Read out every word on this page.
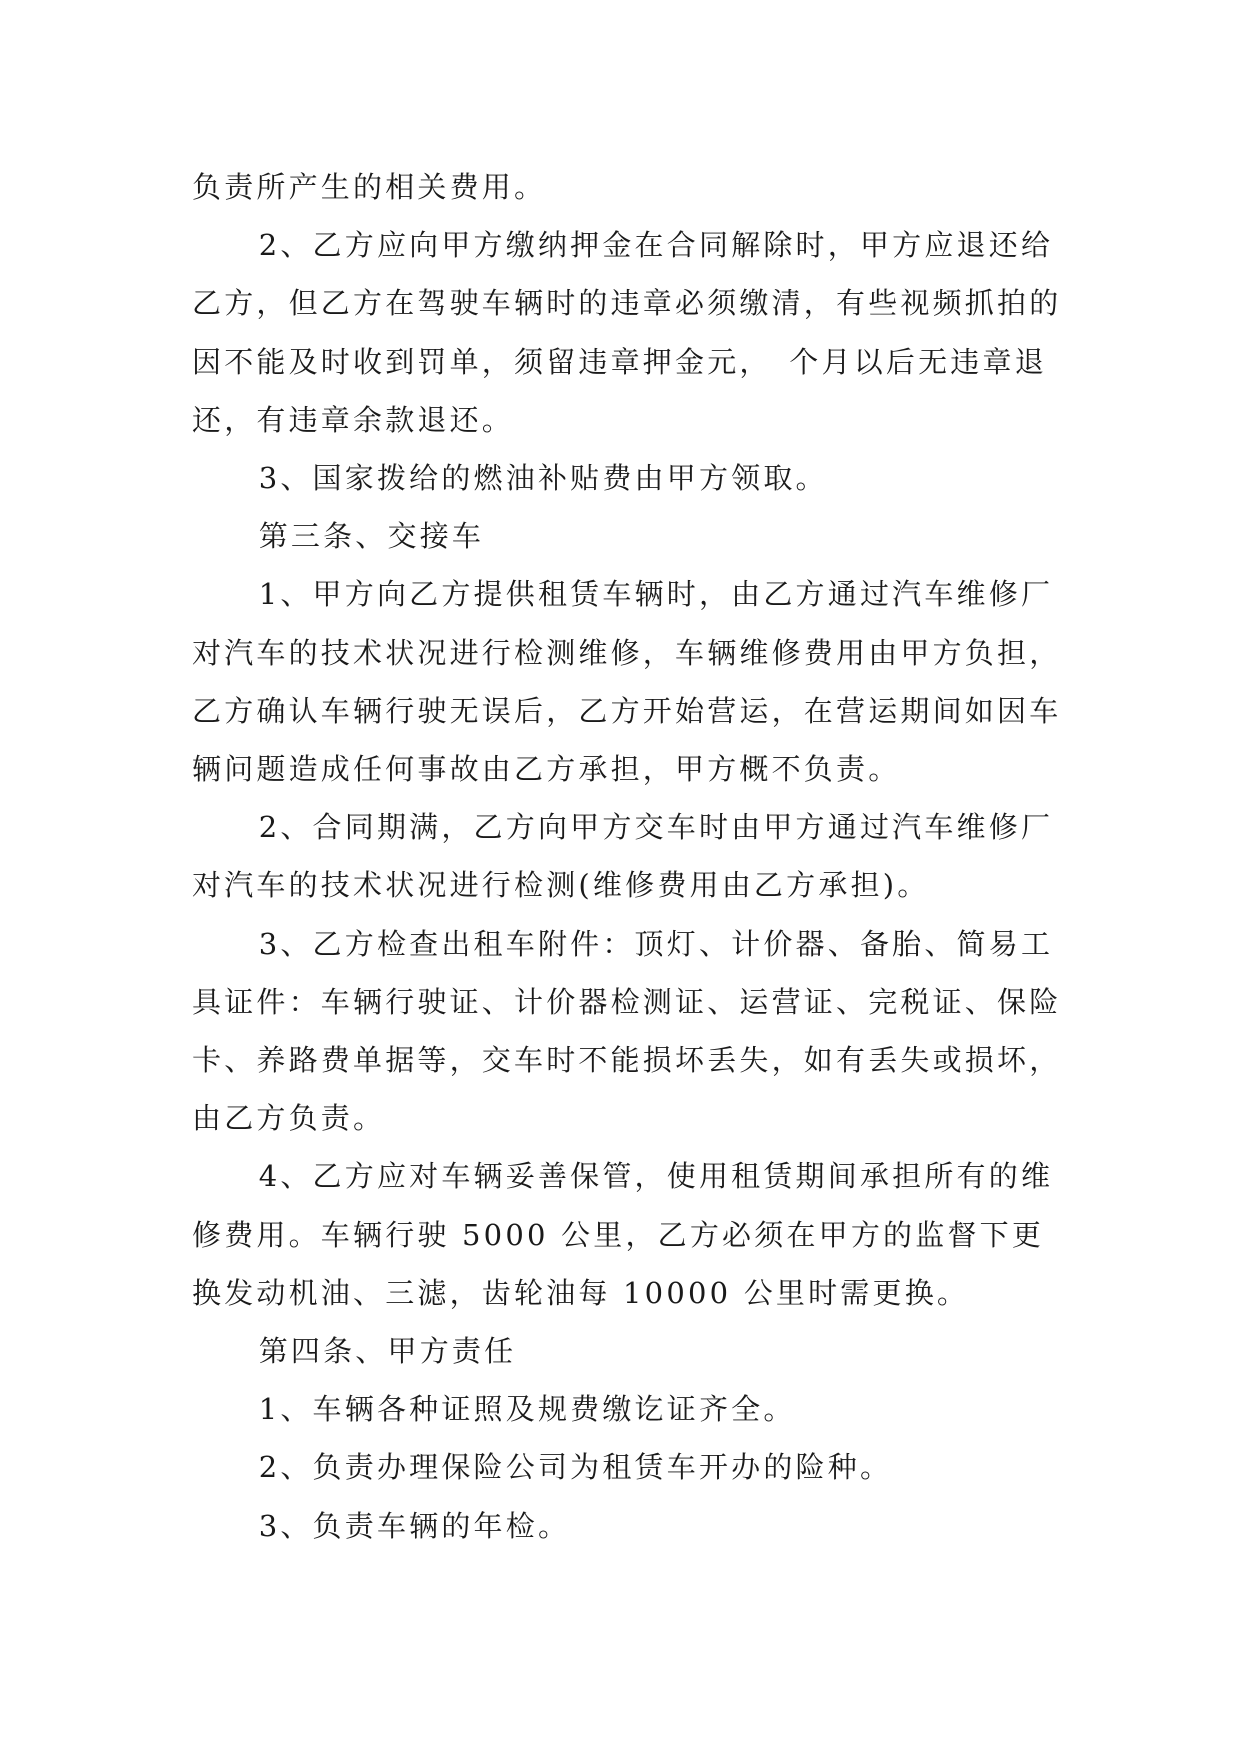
负责所产生的相关费用。

2、乙方应向甲方缴纳押金在合同解除时，甲方应退还给乙方，但乙方在驾驶车辆时的违章必须缴清，有些视频抓拍的因不能及时收到罚单，须留违章押金元，　个月以后无违章退还，有违章余款退还。

3、国家拨给的燃油补贴费由甲方领取。

第三条、交接车

1、甲方向乙方提供租赁车辆时，由乙方通过汽车维修厂对汽车的技术状况进行检测维修，车辆维修费用由甲方负担，乙方确认车辆行驶无误后，乙方开始营运，在营运期间如因车辆问题造成任何事故由乙方承担，甲方概不负责。

2、合同期满，乙方向甲方交车时由甲方通过汽车维修厂对汽车的技术状况进行检测(维修费用由乙方承担)。

3、乙方检查出租车附件：顶灯、计价器、备胎、简易工具证件：车辆行驶证、计价器检测证、运营证、完税证、保险卡、养路费单据等，交车时不能损坏丢失，如有丢失或损坏，由乙方负责。

4、乙方应对车辆妥善保管，使用租赁期间承担所有的维修费用。车辆行驶 5000 公里，乙方必须在甲方的监督下更换发动机油、三滤，齿轮油每 10000 公里时需更换。

第四条、甲方责任

1、车辆各种证照及规费缴讫证齐全。

2、负责办理保险公司为租赁车开办的险种。

3、负责车辆的年检。
